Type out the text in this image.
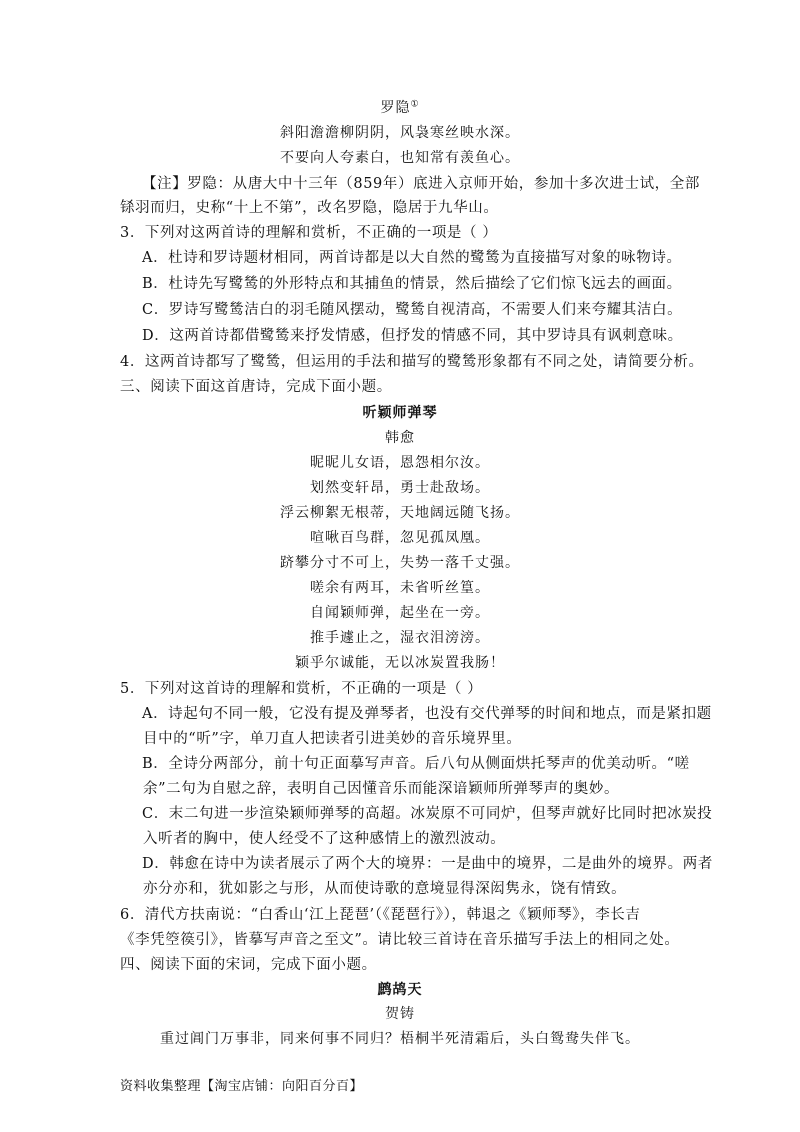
罗隐①
斜阳澹澹柳阴阴，风袅寒丝映水深。
不要向人夸素白，也知常有羡鱼心。
【注】罗隐：从唐大中十三年（859年）底进入京师开始，参加十多次进士试，全部
铩羽而归，史称“十上不第”，改名罗隐，隐居于九华山。
3．下列对这两首诗的理解和赏析，不正确的一项是（ ）
A．杜诗和罗诗题材相同，两首诗都是以大自然的鹭鸶为直接描写对象的咏物诗。
B．杜诗先写鹭鸶的外形特点和其捕鱼的情景，然后描绘了它们惊飞远去的画面。
C．罗诗写鹭鸶洁白的羽毛随风摆动，鹭鸶自视清高，不需要人们来夸耀其洁白。
D．这两首诗都借鹭鸶来抒发情感，但抒发的情感不同，其中罗诗具有讽刺意味。
4．这两首诗都写了鹭鸶，但运用的手法和描写的鹭鸶形象都有不同之处，请简要分析。
三、阅读下面这首唐诗，完成下面小题。
听颖师弹琴
韩愈
昵昵儿女语，恩怨相尔汝。
划然变轩昂，勇士赴敌场。
浮云柳絮无根蒂，天地阔远随飞扬。
喧啾百鸟群，忽见孤凤凰。
跻攀分寸不可上，失势一落千丈强。
嗟余有两耳，未省听丝篁。
自闻颖师弹，起坐在一旁。
推手遽止之，湿衣泪滂滂。
颖乎尔诚能，无以冰炭置我肠！
5．下列对这首诗的理解和赏析，不正确的一项是（ ）
A．诗起句不同一般，它没有提及弹琴者，也没有交代弹琴的时间和地点，而是紧扣题
目中的“听”字，单刀直人把读者引进美妙的音乐境界里。
B．全诗分两部分，前十句正面摹写声音。后八句从侧面烘托琴声的优美动听。“嗟
余”二句为自慰之辞，表明自己因懂音乐而能深谙颖师所弹琴声的奥妙。
C．末二句进一步渲染颖师弹琴的高超。冰炭原不可同炉，但琴声就好比同时把冰炭投
入听者的胸中，使人经受不了这种感情上的激烈波动。
D．韩愈在诗中为读者展示了两个大的境界：一是曲中的境界，二是曲外的境界。两者
亦分亦和，犹如影之与形，从而使诗歌的意境显得深闳隽永，饶有情致。
6．清代方扶南说：“白香山‘江上琵琶’（《琵琶行》），韩退之《颖师琴》，李长吉
《李凭箜篌引》，皆摹写声音之至文”。请比较三首诗在音乐描写手法上的相同之处。
四、阅读下面的宋词，完成下面小题。
鹧鸪天
贺铸
重过阊门万事非，同来何事不同归？梧桐半死清霜后，头白鸳鸯失伴飞。
资料收集整理【淘宝店铺：向阳百分百】
